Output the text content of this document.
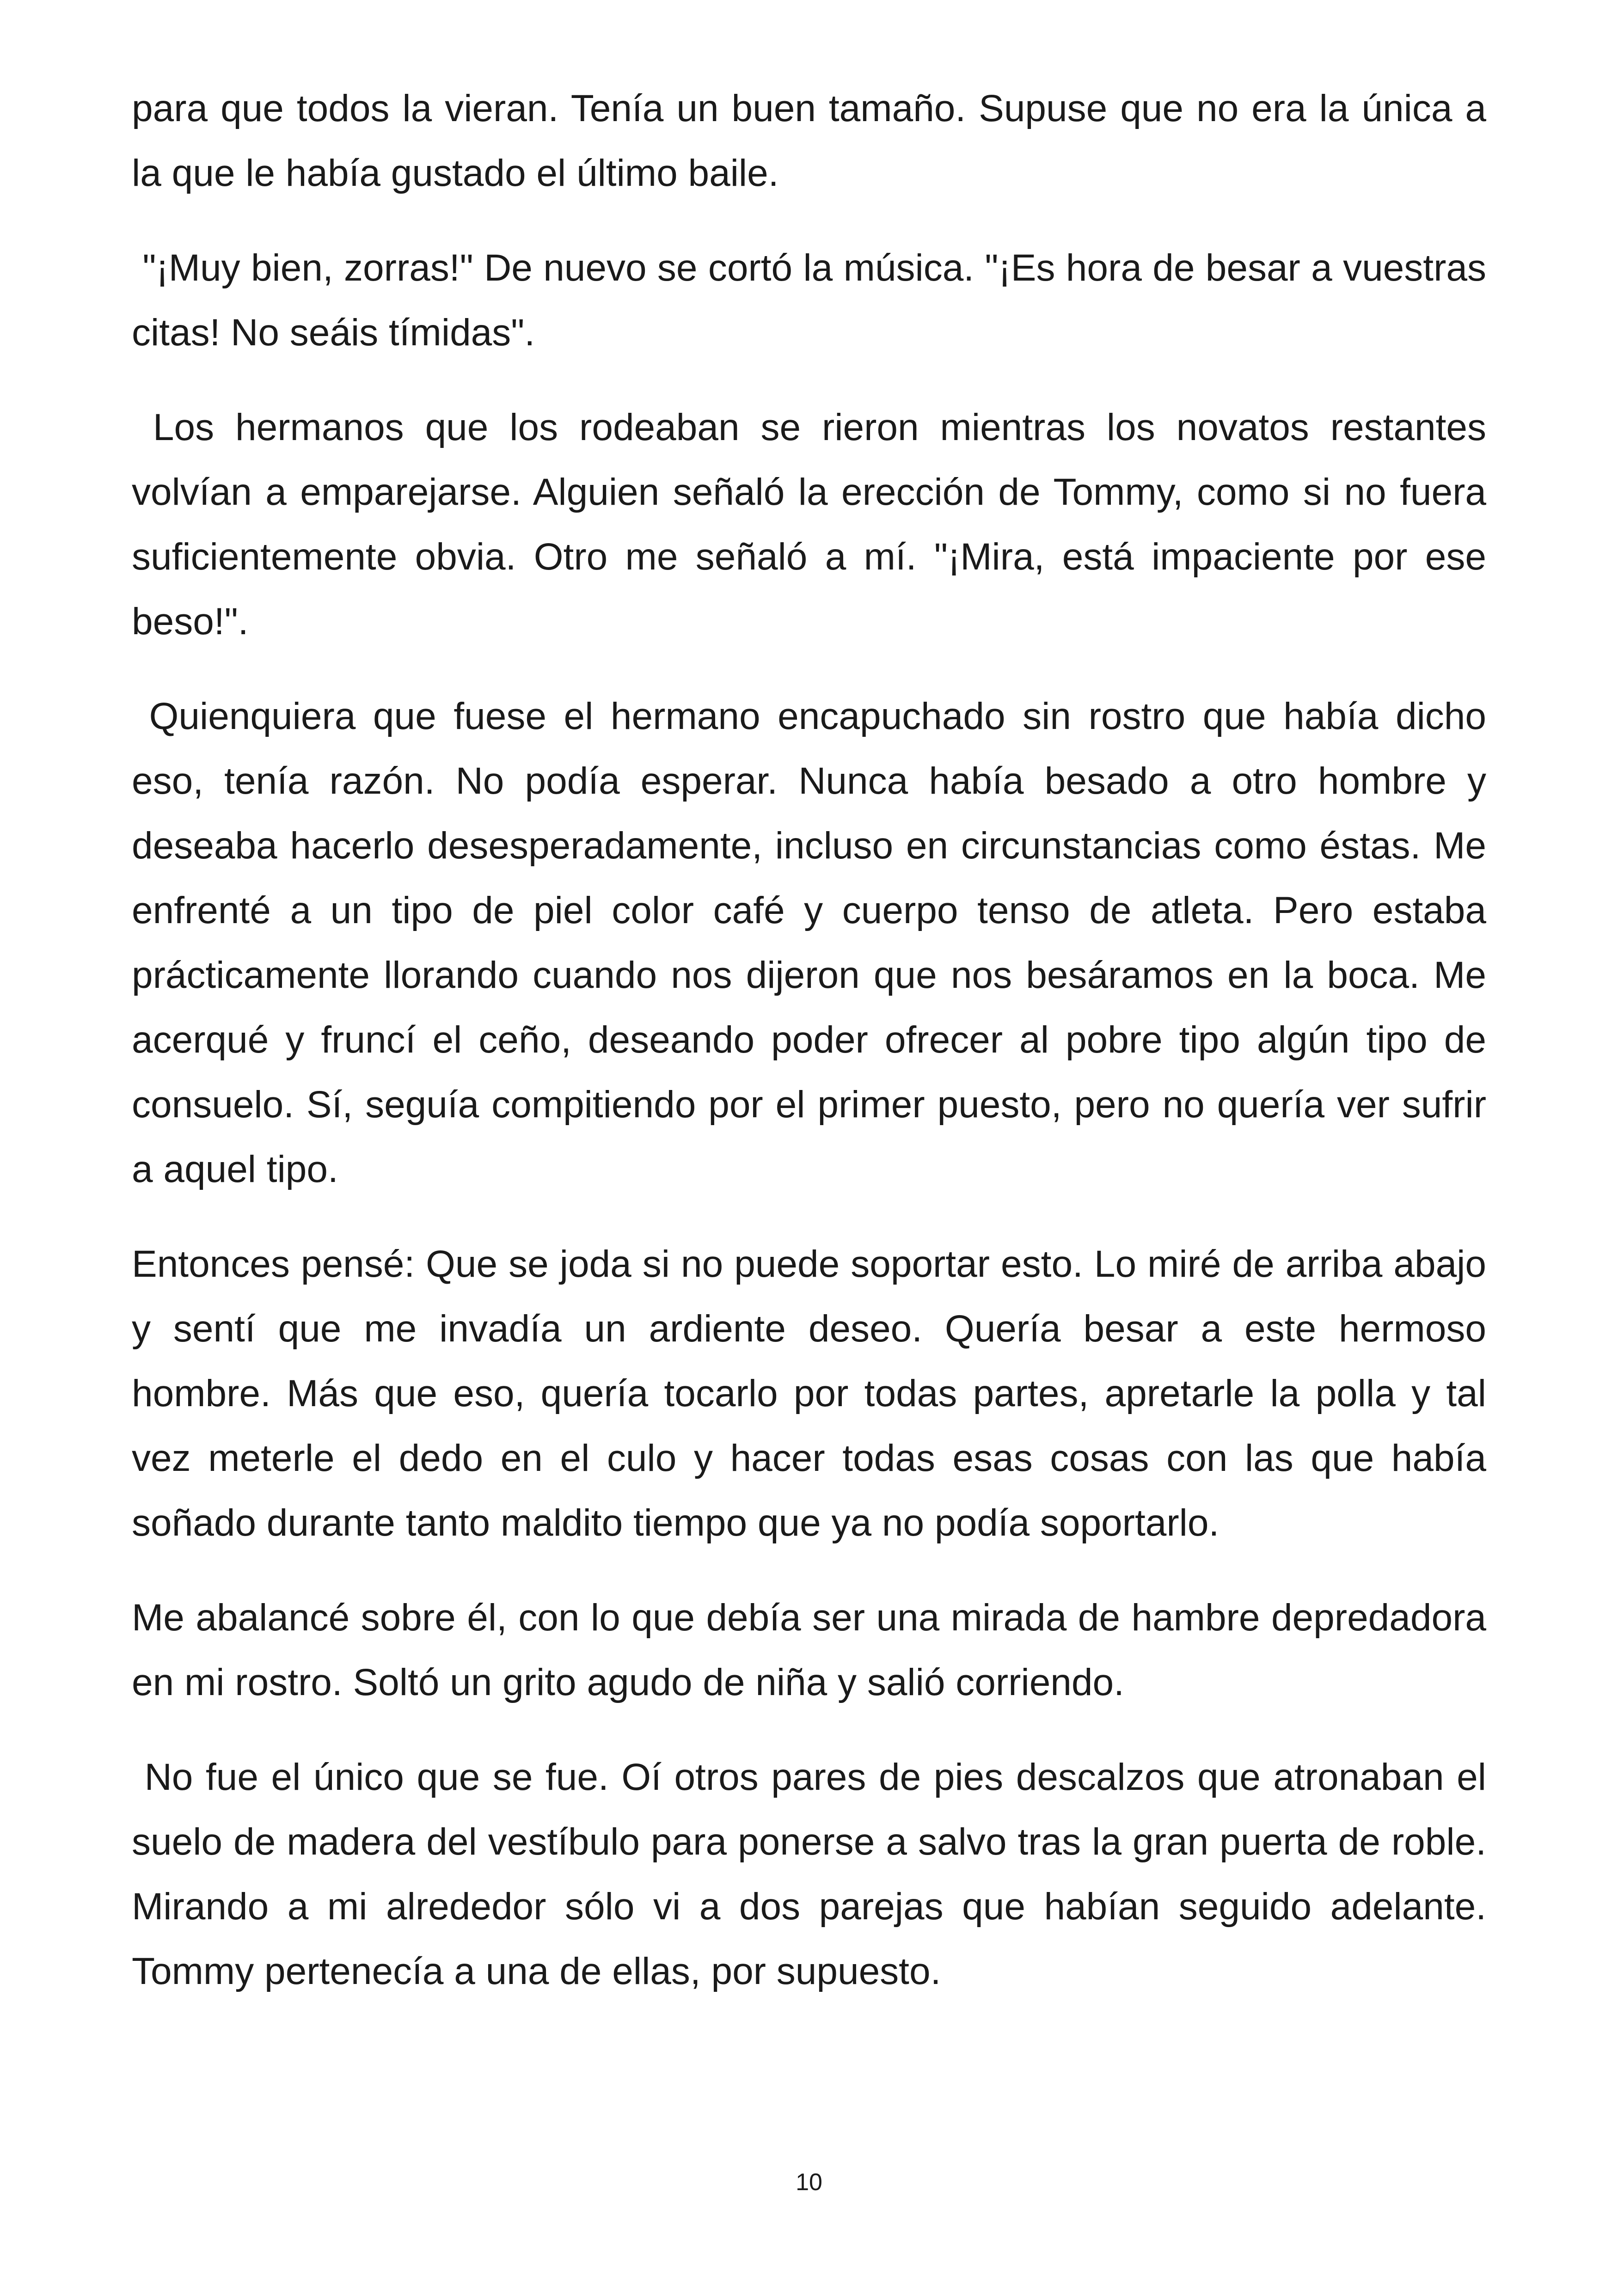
para que todos la vieran. Tenía un buen tamaño. Supuse que no era la única a la que le había gustado el último baile.

"¡Muy bien, zorras!" De nuevo se cortó la música. "¡Es hora de besar a vuestras citas! No seáis tímidas".

Los hermanos que los rodeaban se rieron mientras los novatos restantes volvían a emparejarse. Alguien señaló la erección de Tommy, como si no fuera suficientemente obvia. Otro me señaló a mí. "¡Mira, está impaciente por ese beso!".

Quienquiera que fuese el hermano encapuchado sin rostro que había dicho eso, tenía razón. No podía esperar. Nunca había besado a otro hombre y deseaba hacerlo desesperadamente, incluso en circunstancias como éstas. Me enfrenté a un tipo de piel color café y cuerpo tenso de atleta. Pero estaba prácticamente llorando cuando nos dijeron que nos besáramos en la boca. Me acerqué y fruncí el ceño, deseando poder ofrecer al pobre tipo algún tipo de consuelo. Sí, seguía compitiendo por el primer puesto, pero no quería ver sufrir a aquel tipo.

Entonces pensé: Que se joda si no puede soportar esto. Lo miré de arriba abajo y sentí que me invadía un ardiente deseo. Quería besar a este hermoso hombre. Más que eso, quería tocarlo por todas partes, apretarle la polla y tal vez meterle el dedo en el culo y hacer todas esas cosas con las que había soñado durante tanto maldito tiempo que ya no podía soportarlo.

Me abalancé sobre él, con lo que debía ser una mirada de hambre depredadora en mi rostro. Soltó un grito agudo de niña y salió corriendo.

No fue el único que se fue. Oí otros pares de pies descalzos que atronaban el suelo de madera del vestíbulo para ponerse a salvo tras la gran puerta de roble. Mirando a mi alrededor sólo vi a dos parejas que habían seguido adelante. Tommy pertenecía a una de ellas, por supuesto.

10
